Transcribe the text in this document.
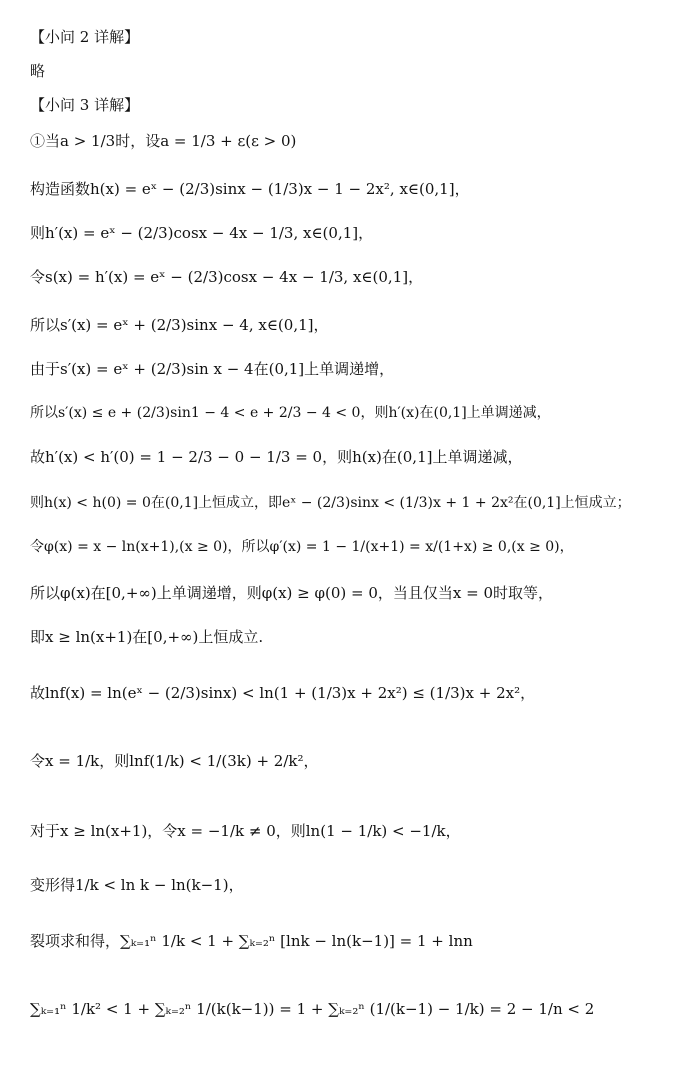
【小问 2 详解】
略
【小问 3 详解】
①当a > 1/3时，设a = 1/3 + ε(ε > 0)
构造函数h(x) = eˣ − (2/3)sinx − (1/3)x − 1 − 2x², x∈(0,1]，
则h′(x) = eˣ − (2/3)cosx − 4x − 1/3, x∈(0,1]，
令s(x) = h′(x) = eˣ − (2/3)cosx − 4x − 1/3, x∈(0,1]，
所以s′(x) = eˣ + (2/3)sinx − 4, x∈(0,1]，
由于s′(x) = eˣ + (2/3)sin x − 4在(0,1]上单调递增，
所以s′(x) ≤ e + (2/3)sin1 − 4 < e + 2/3 − 4 < 0，则h′(x)在(0,1]上单调递减，
故h′(x) < h′(0) = 1 − 2/3 − 0 − 1/3 = 0，则h(x)在(0,1]上单调递减，
则h(x) < h(0) = 0在(0,1]上恒成立，即eˣ − (2/3)sinx < (1/3)x + 1 + 2x²在(0,1]上恒成立；
令φ(x) = x − ln(x+1),(x ≥ 0)，所以φ′(x) = 1 − 1/(x+1) = x/(1+x) ≥ 0,(x ≥ 0)，
所以φ(x)在[0,+∞)上单调递增，则φ(x) ≥ φ(0) = 0，当且仅当x = 0时取等，
即x ≥ ln(x+1)在[0,+∞)上恒成立.
故lnf(x) = ln(eˣ − (2/3)sinx) < ln(1 + (1/3)x + 2x²) ≤ (1/3)x + 2x²，
令x = 1/k，则lnf(1/k) < 1/(3k) + 2/k²，
对于x ≥ ln(x+1)，令x = −1/k ≠ 0，则ln(1 − 1/k) < −1/k，
变形得1/k < ln k − ln(k−1)，
裂项求和得，∑ₖ₌₁ⁿ 1/k < 1 + ∑ₖ₌₂ⁿ [lnk − ln(k−1)] = 1 + lnn
∑ₖ₌₁ⁿ 1/k² < 1 + ∑ₖ₌₂ⁿ 1/(k(k−1)) = 1 + ∑ₖ₌₂ⁿ (1/(k−1) − 1/k) = 2 − 1/n < 2
